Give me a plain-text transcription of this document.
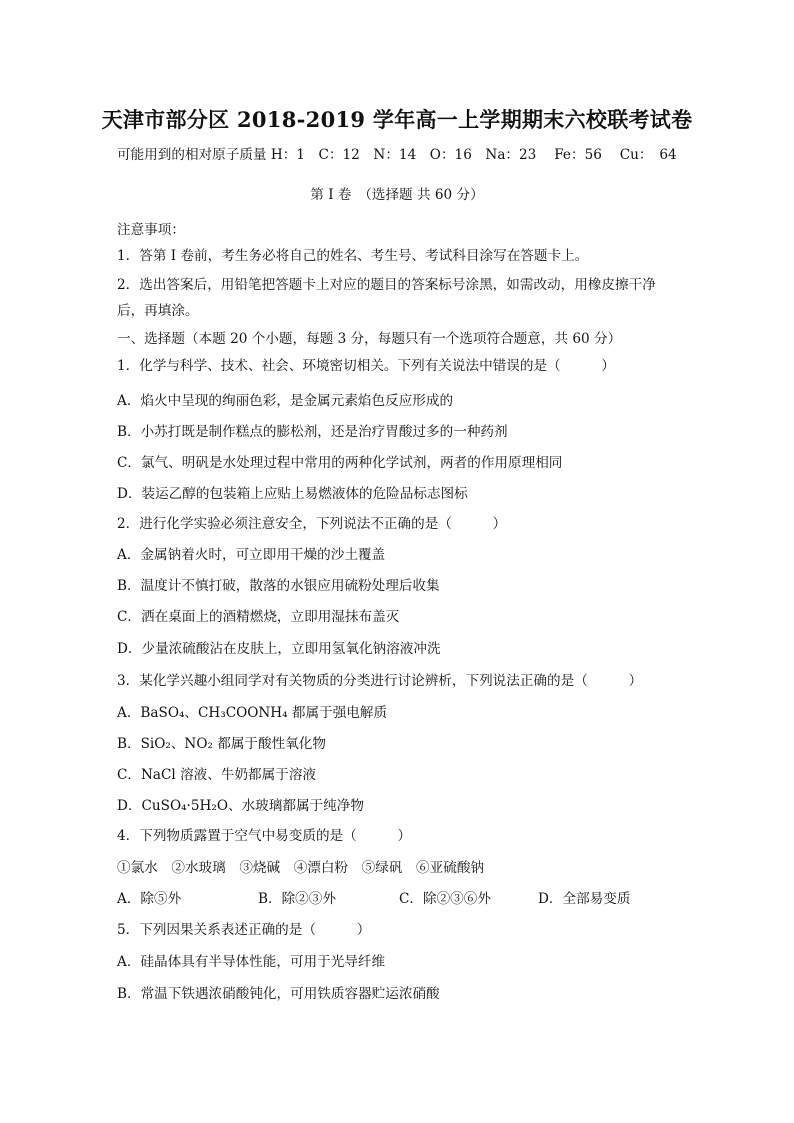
天津市部分区 2018-2019 学年高一上学期期末六校联考试卷
可能用到的相对原子质量 H：1　C：12　N：14　O：16　Na：23　 Fe：56　 Cu：　64
第 I 卷　（选择题 共 60 分）
注意事项：
1．答第 I 卷前，考生务必将自己的姓名、考生号、考试科目涂写在答题卡上。
2．选出答案后，用铅笔把答题卡上对应的题目的答案标号涂黑，如需改动，用橡皮擦干净
后，再填涂。
一、选择题（本题 20 个小题，每题 3 分，每题只有一个选项符合题意，共 60 分）
1．化学与科学、技术、社会、环境密切相关。下列有关说法中错误的是（　　　）
A．焰火中呈现的绚丽色彩，是金属元素焰色反应形成的
B．小苏打既是制作糕点的膨松剂，还是治疗胃酸过多的一种药剂
C．氯气、明矾是水处理过程中常用的两种化学试剂，两者的作用原理相同
D．装运乙醇的包装箱上应贴上易燃液体的危险品标志图标
2．进行化学实验必须注意安全，下列说法不正确的是（　　　）
A．金属钠着火时，可立即用干燥的沙土覆盖
B．温度计不慎打破，散落的水银应用硫粉处理后收集
C．洒在桌面上的酒精燃烧，立即用湿抹布盖灭
D．少量浓硫酸沾在皮肤上，立即用氢氧化钠溶液冲洗
3．某化学兴趣小组同学对有关物质的分类进行讨论辨析，下列说法正确的是（　　　）
A．BaSO₄、CH₃COONH₄ 都属于强电解质
B．SiO₂、NO₂ 都属于酸性氧化物
C．NaCl 溶液、牛奶都属于溶液
D．CuSO₄·5H₂O、水玻璃都属于纯净物
4．下列物质露置于空气中易变质的是（　　　）
①氯水　②水玻璃　③烧碱　④漂白粉　⑤绿矾　⑥亚硫酸钠
A．除⑤外	B．除②③外	C．除②③⑥外	D．全部易变质
5．下列因果关系表述正确的是（　　　）
A．硅晶体具有半导体性能，可用于光导纤维
B．常温下铁遇浓硝酸钝化，可用铁质容器贮运浓硝酸
